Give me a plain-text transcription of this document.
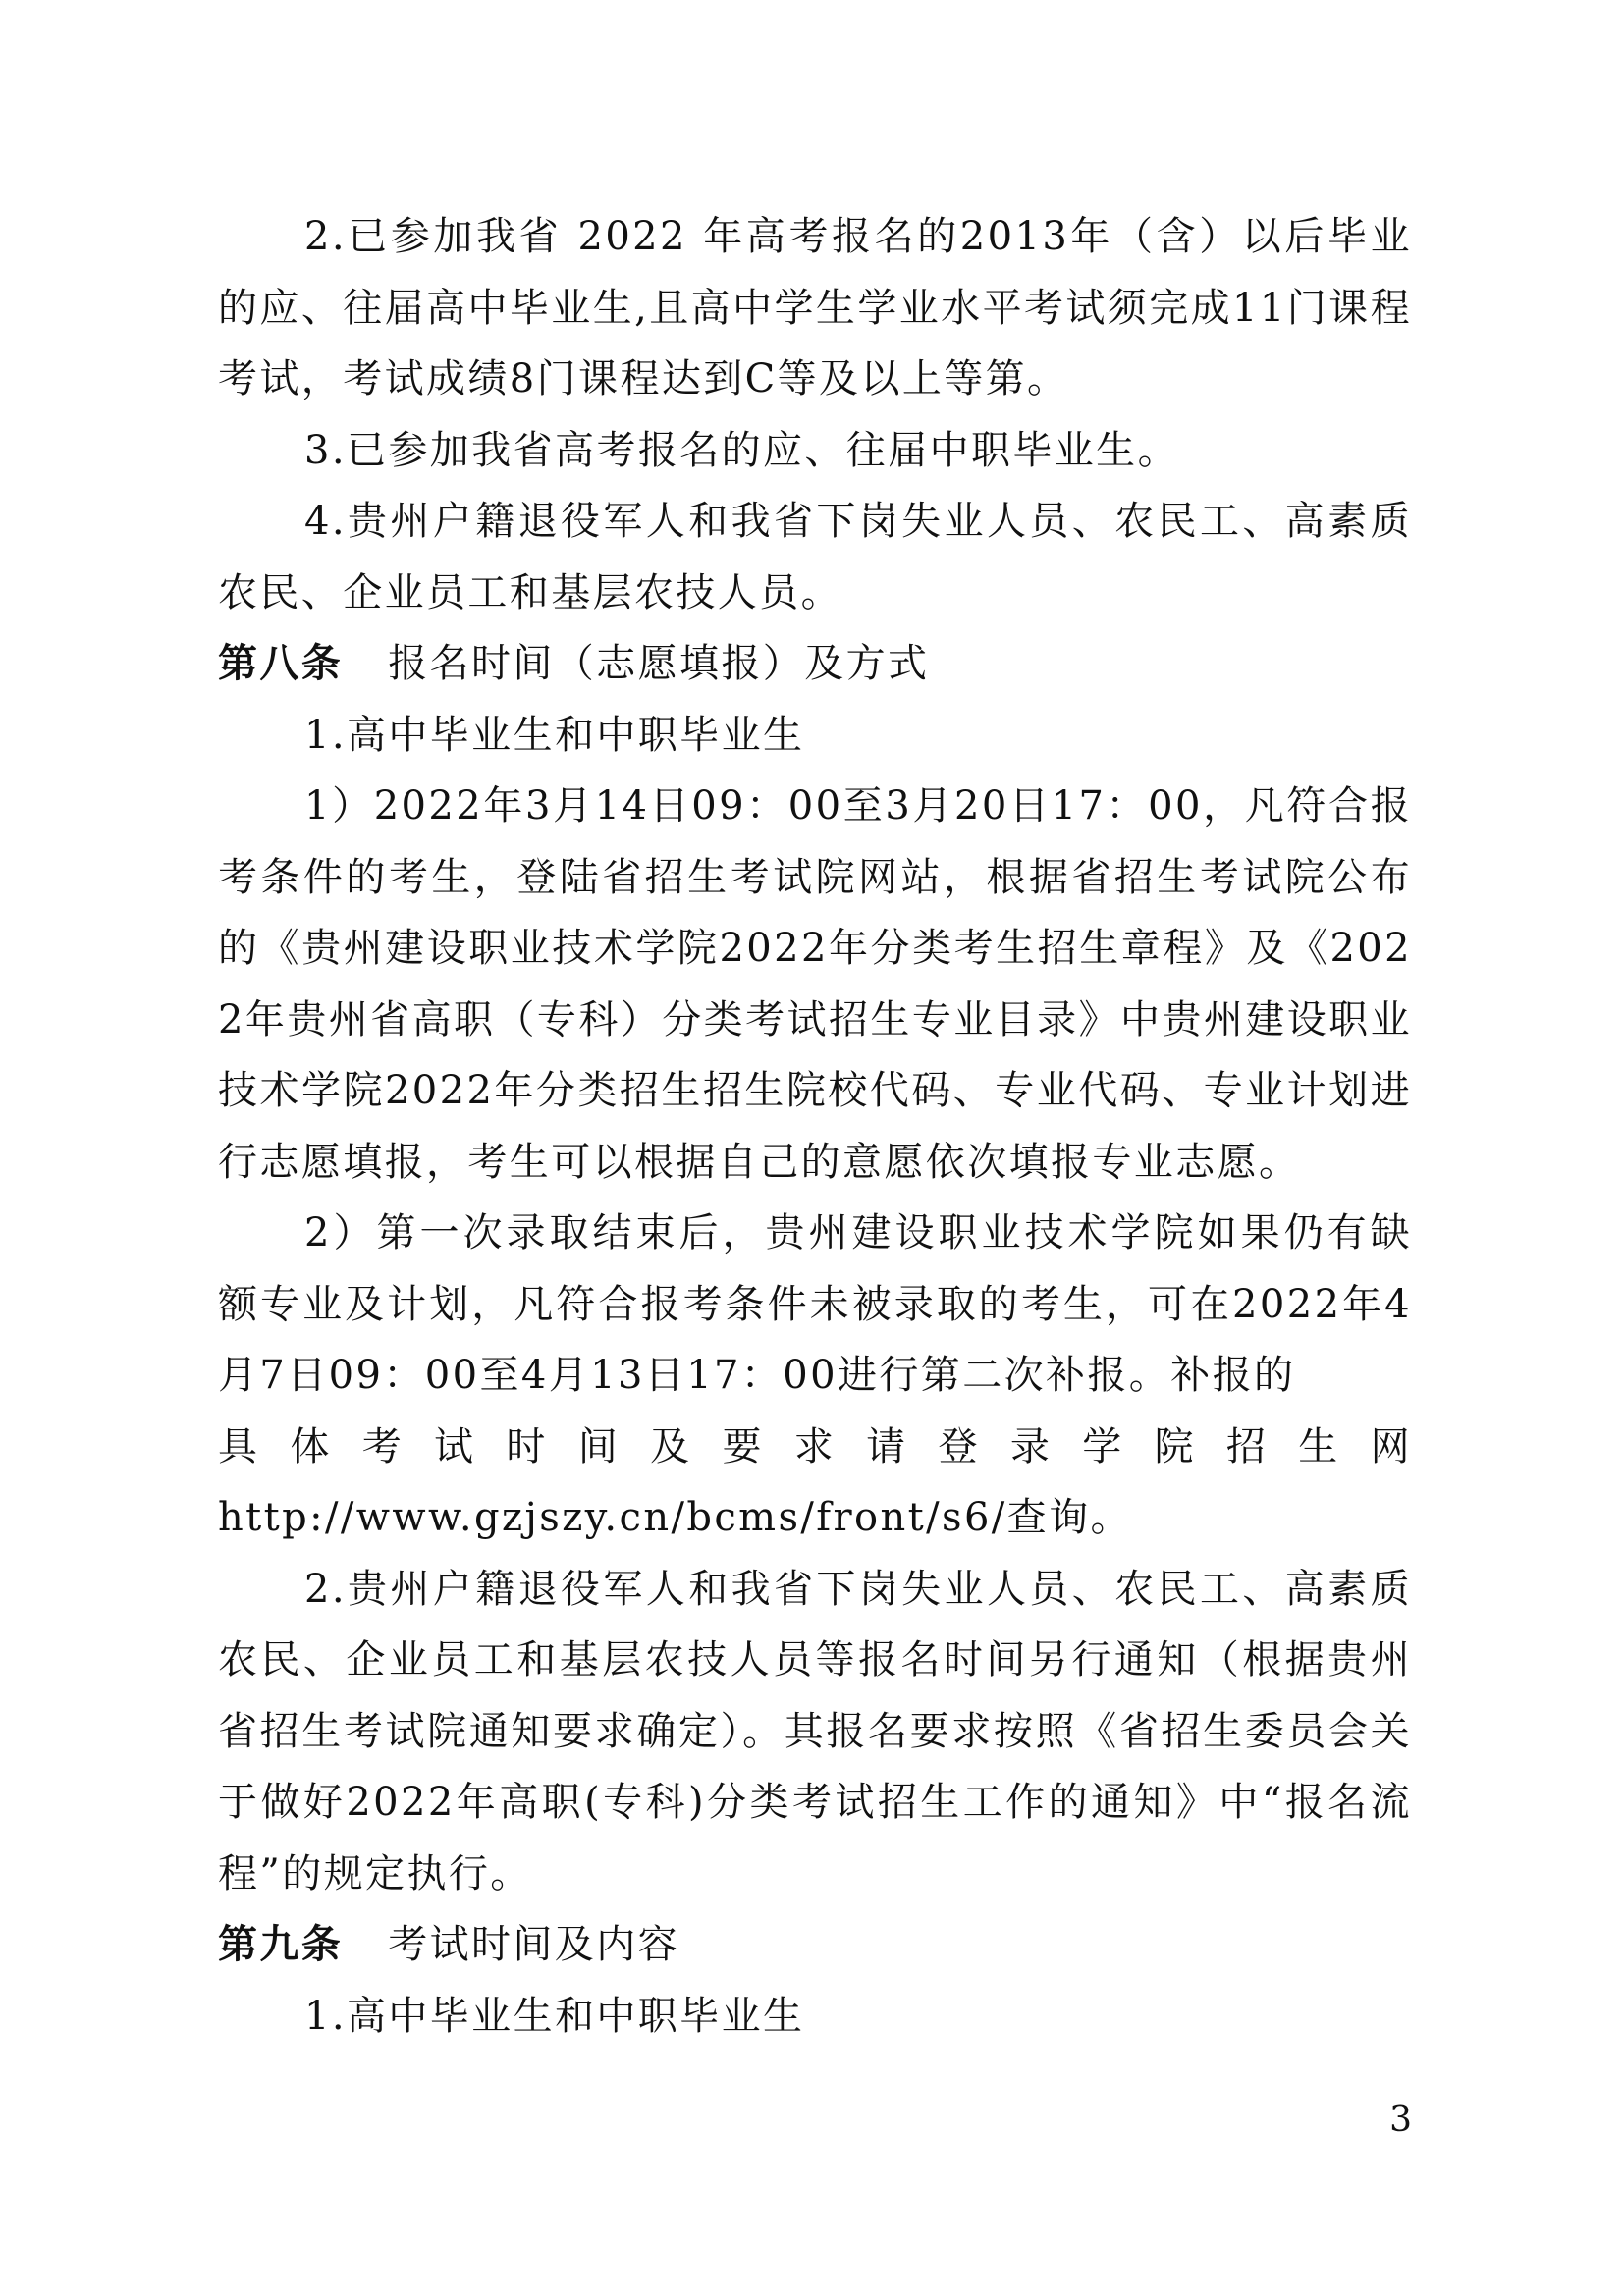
2.已参加我省 2022 年高考报名的2013年（含）以后毕业的应、往届高中毕业生,且高中学生学业水平考试须完成11门课程考试，考试成绩8门课程达到C等及以上等第。

3.已参加我省高考报名的应、往届中职毕业生。

4.贵州户籍退役军人和我省下岗失业人员、农民工、高素质农民、企业员工和基层农技人员。

第八条 报名时间（志愿填报）及方式

1.高中毕业生和中职毕业生

1）2022年3月14日09：00至3月20日17：00，凡符合报考条件的考生，登陆省招生考试院网站，根据省招生考试院公布的《贵州建设职业技术学院2022年分类考生招生章程》及《2022年贵州省高职（专科）分类考试招生专业目录》中贵州建设职业技术学院2022年分类招生招生院校代码、专业代码、专业计划进行志愿填报，考生可以根据自己的意愿依次填报专业志愿。

2）第一次录取结束后，贵州建设职业技术学院如果仍有缺额专业及计划，凡符合报考条件未被录取的考生，可在2022年4月7日09：00至4月13日17：00进行第二次补报。补报的

具体考试时间及要求请登录学院招生网

http://www.gzjszy.cn/bcms/front/s6/查询。

2.贵州户籍退役军人和我省下岗失业人员、农民工、高素质农民、企业员工和基层农技人员等报名时间另行通知（根据贵州省招生考试院通知要求确定）。其报名要求按照《省招生委员会关于做好2022年高职(专科)分类考试招生工作的通知》中“报名流程”的规定执行。

第九条 考试时间及内容

1.高中毕业生和中职毕业生

3
